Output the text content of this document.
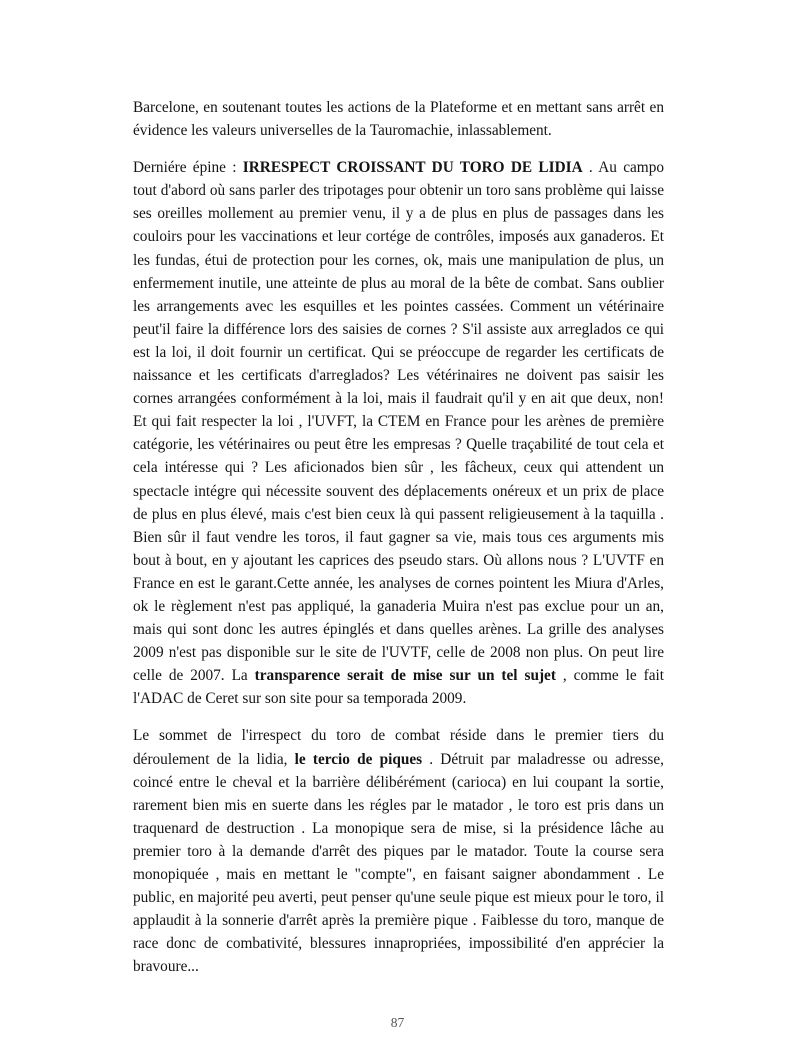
Barcelone, en soutenant toutes les actions de la Plateforme et en mettant sans arrêt en évidence les valeurs universelles de la Tauromachie, inlassablement.

Derniére épine : IRRESPECT CROISSANT DU TORO DE LIDIA . Au campo tout d'abord où sans parler des tripotages pour obtenir un toro sans problème qui laisse ses oreilles mollement au premier venu, il y a de plus en plus de passages dans les couloirs pour les vaccinations et leur cortége de contrôles, imposés aux ganaderos. Et les fundas, étui de protection pour les cornes, ok, mais une manipulation de plus, un enfermement inutile, une atteinte de plus au moral de la bête de combat. Sans oublier les arrangements avec les esquilles et les pointes cassées. Comment un vétérinaire peut'il faire la différence lors des saisies de cornes ? S'il assiste aux arreglados ce qui est la loi, il doit fournir un certificat. Qui se préoccupe de regarder les certificats de naissance et les certificats d'arreglados? Les vétérinaires ne doivent pas saisir les cornes arrangées conformément à la loi, mais il faudrait qu'il y en ait que deux, non! Et qui fait respecter la loi , l'UVFT, la CTEM en France pour les arènes de première catégorie, les vétérinaires ou peut être les empresas ? Quelle traçabilité de tout cela et cela intéresse qui ? Les aficionados bien sûr , les fâcheux, ceux qui attendent un spectacle intégre qui nécessite souvent des déplacements onéreux et un prix de place de plus en plus élevé, mais c'est bien ceux là qui passent religieusement à la taquilla . Bien sûr il faut vendre les toros, il faut gagner sa vie, mais tous ces arguments mis bout à bout, en y ajoutant les caprices des pseudo stars. Où allons nous ? L'UVTF en France en est le garant.Cette année, les analyses de cornes pointent les Miura d'Arles, ok le règlement n'est pas appliqué, la ganaderia Muira n'est pas exclue pour un an, mais qui sont donc les autres épinglés et dans quelles arènes. La grille des analyses 2009 n'est pas disponible sur le site de l'UVTF, celle de 2008 non plus. On peut lire celle de 2007. La transparence serait de mise sur un tel sujet , comme le fait l'ADAC de Ceret sur son site pour sa temporada 2009.

Le sommet de l'irrespect du toro de combat réside dans le premier tiers du déroulement de la lidia, le tercio de piques . Détruit par maladresse ou adresse, coincé entre le cheval et la barrière délibérément (carioca) en lui coupant la sortie, rarement bien mis en suerte dans les régles par le matador , le toro est pris dans un traquenard de destruction . La monopique sera de mise, si la présidence lâche au premier toro à la demande d'arrêt des piques par le matador. Toute la course sera monopiquée , mais en mettant le "compte", en faisant saigner abondamment . Le public, en majorité peu averti, peut penser qu'une seule pique est mieux pour le toro, il applaudit à la sonnerie d'arrêt après la première pique . Faiblesse du toro, manque de race donc de combativité, blessures innapropriées, impossibilité d'en apprécier la bravoure...

87
